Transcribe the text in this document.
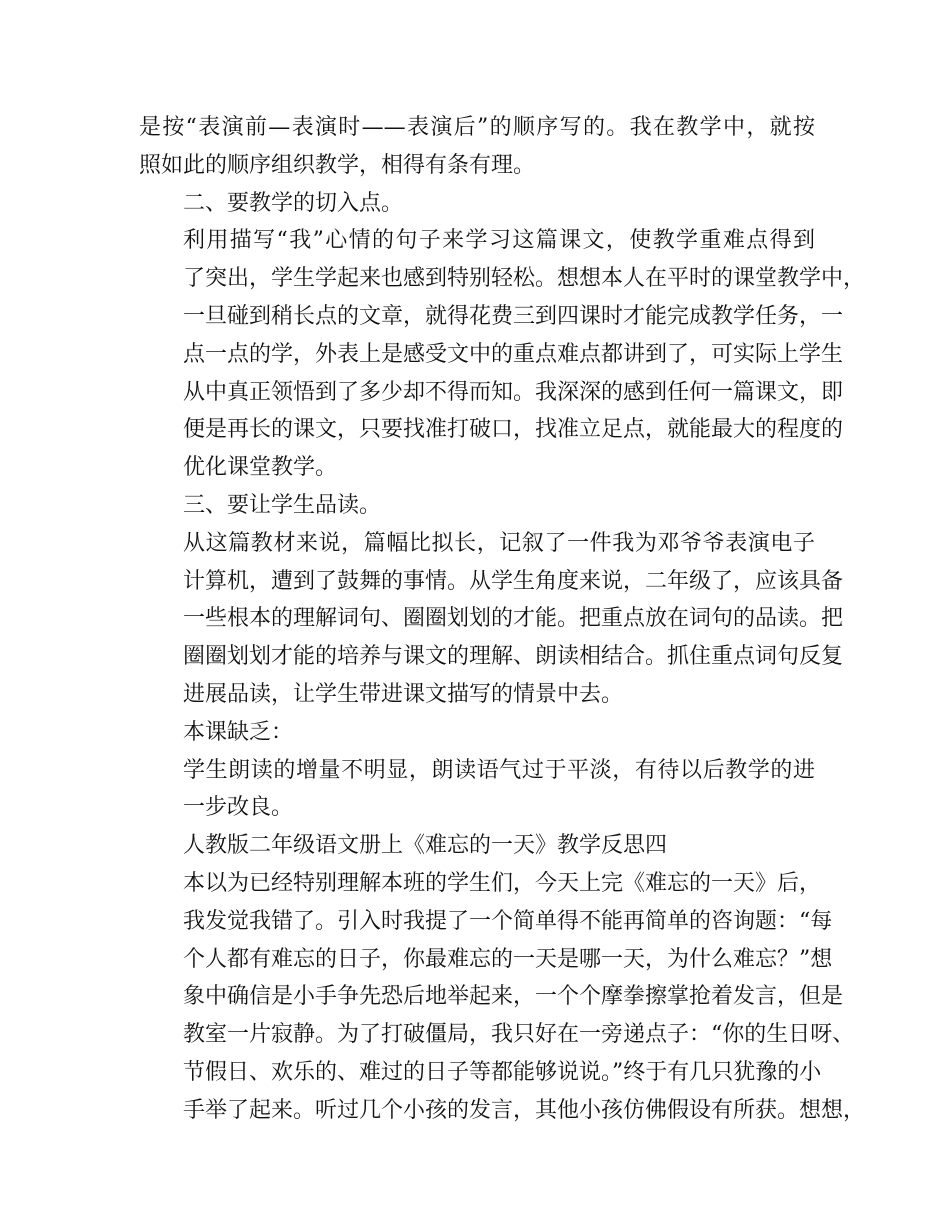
是按“表演前—表演时——表演后”的顺序写的。我在教学中，就按
照如此的顺序组织教学，相得有条有理。
二、要教学的切入点。
利用描写“我”心情的句子来学习这篇课文，使教学重难点得到
了突出，学生学起来也感到特别轻松。想想本人在平时的课堂教学中，
一旦碰到稍长点的文章，就得花费三到四课时才能完成教学任务，一
点一点的学，外表上是感受文中的重点难点都讲到了，可实际上学生
从中真正领悟到了多少却不得而知。我深深的感到任何一篇课文，即
便是再长的课文，只要找准打破口，找准立足点，就能最大的程度的
优化课堂教学。
三、要让学生品读。
从这篇教材来说，篇幅比拟长，记叙了一件我为邓爷爷表演电子
计算机，遭到了鼓舞的事情。从学生角度来说，二年级了，应该具备
一些根本的理解词句、圈圈划划的才能。把重点放在词句的品读。把
圈圈划划才能的培养与课文的理解、朗读相结合。抓住重点词句反复
进展品读，让学生带进课文描写的情景中去。
本课缺乏：
学生朗读的增量不明显，朗读语气过于平淡，有待以后教学的进
一步改良。
人教版二年级语文册上《难忘的一天》教学反思四
本以为已经特别理解本班的学生们，今天上完《难忘的一天》后，
我发觉我错了。引入时我提了一个简单得不能再简单的咨询题：“每
个人都有难忘的日子，你最难忘的一天是哪一天，为什么难忘？”想
象中确信是小手争先恐后地举起来，一个个摩拳擦掌抢着发言，但是
教室一片寂静。为了打破僵局，我只好在一旁递点子：“你的生日呀、
节假日、欢乐的、难过的日子等都能够说说。”终于有几只犹豫的小
手举了起来。听过几个小孩的发言，其他小孩仿佛假设有所获。想想，
